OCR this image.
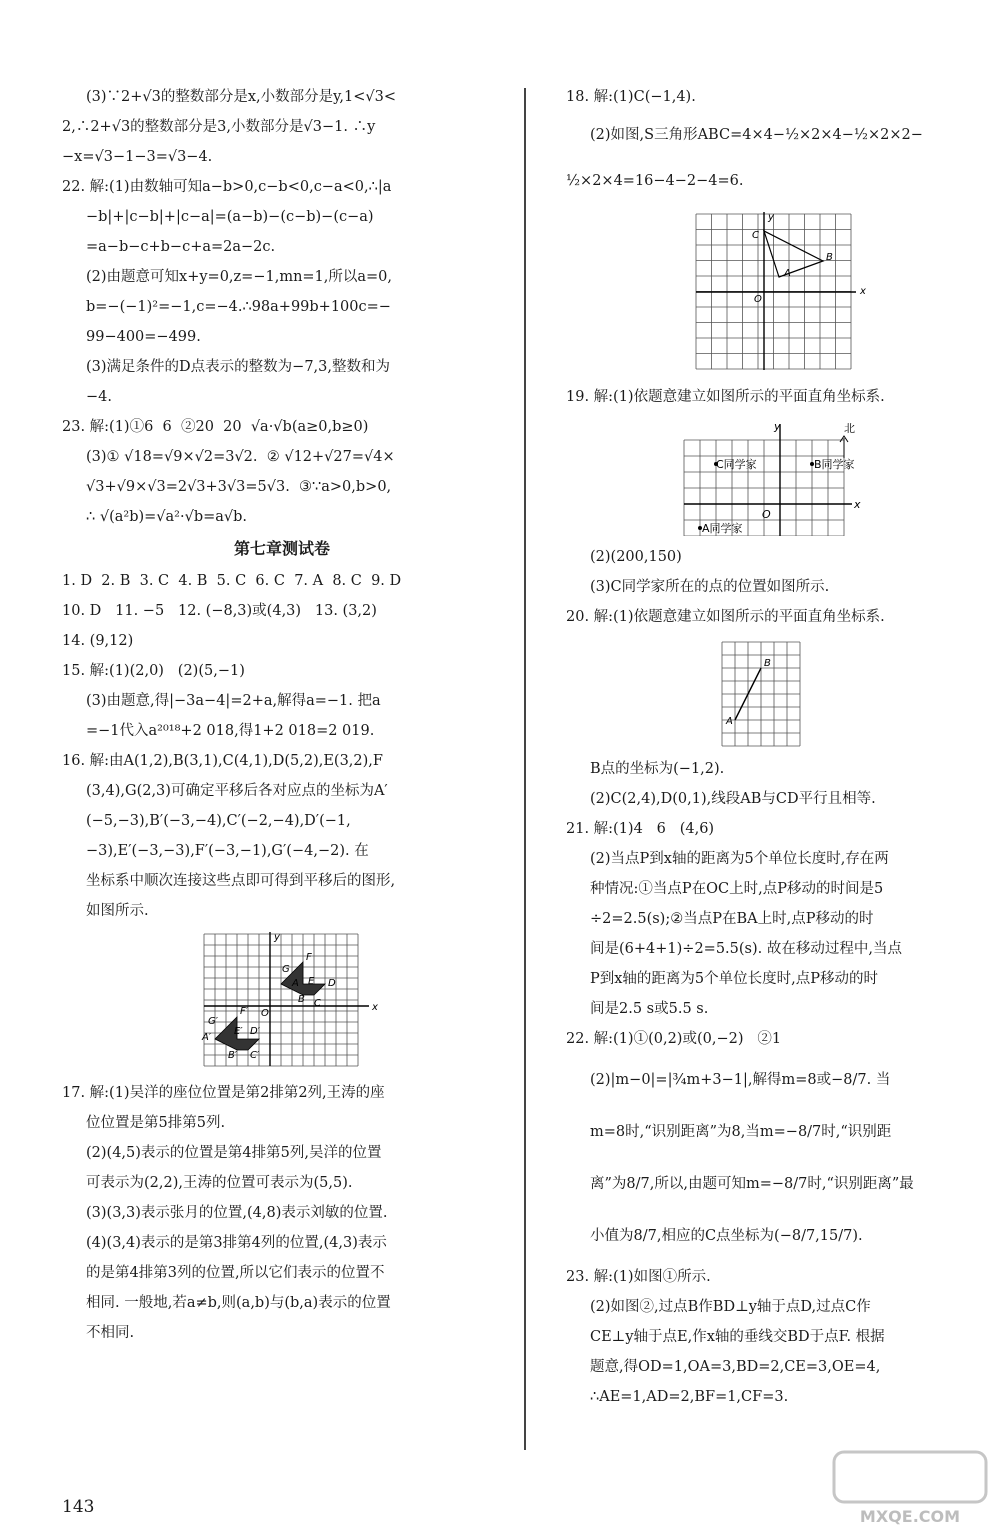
(3)∵2+√3的整数部分是x,小数部分是y,1<√3<
2,∴2+√3的整数部分是3,小数部分是√3−1. ∴y
−x=√3−1−3=√3−4.
22. 解:(1)由数轴可知a−b>0,c−b<0,c−a<0,∴|a
−b|+|c−b|+|c−a|=(a−b)−(c−b)−(c−a)
=a−b−c+b−c+a=2a−2c.
(2)由题意可知x+y=0,z=−1,mn=1,所以a=0,
b=−(−1)²=−1,c=−4.∴98a+99b+100c=−
99−400=−499.
(3)满足条件的D点表示的整数为−7,3,整数和为
−4.
23. 解:(1)①6  6  ②20  20  √a·√b(a≥0,b≥0)
(3)① √18=√9×√2=3√2.  ② √12+√27=√4×
√3+√9×√3=2√3+3√3=5√3.  ③∵a>0,b>0,
∴ √(a²b)=√a²·√b=a√b.
第七章测试卷
1. D  2. B  3. C  4. B  5. C  6. C  7. A  8. C  9. D
10. D   11. −5   12. (−8,3)或(4,3)   13. (3,2)
14. (9,12)
15. 解:(1)(2,0)   (2)(5,−1)
(3)由题意,得|−3a−4|=2+a,解得a=−1. 把a
=−1代入a²⁰¹⁸+2 018,得1+2 018=2 019.
16. 解:由A(1,2),B(3,1),C(4,1),D(5,2),E(3,2),F
(3,4),G(2,3)可确定平移后各对应点的坐标为A′
(−5,−3),B′(−3,−4),C′(−2,−4),D′(−1,
−3),E′(−3,−3),F′(−3,−1),G′(−4,−2). 在
坐标系中顺次连接这些点即可得到平移后的图形,
如图所示.
A
B C
D
E
F
G
A′
B′ C′
D′
E′
F′
G′
x
y
O
17. 解:(1)吴洋的座位位置是第2排第2列,王涛的座
位位置是第5排第5列.
(2)(4,5)表示的位置是第4排第5列,吴洋的位置
可表示为(2,2),王涛的位置可表示为(5,5).
(3)(3,3)表示张月的位置,(4,8)表示刘敏的位置.
(4)(3,4)表示的是第3排第4列的位置,(4,3)表示
的是第4排第3列的位置,所以它们表示的位置不
相同. 一般地,若a≠b,则(a,b)与(b,a)表示的位置
不相同.
18. 解:(1)C(−1,4).
(2)如图,S三角形ABC=4×4−½×2×4−½×2×2−
½×2×4=16−4−2−4=6.
A
B
C
x
y
O
19. 解:(1)依题意建立如图所示的平面直角坐标系.
C同学家	B同学家
A同学家
北
x
y
O
(2)(200,150)
(3)C同学家所在的点的位置如图所示.
20. 解:(1)依题意建立如图所示的平面直角坐标系.
A
B
B点的坐标为(−1,2).
(2)C(2,4),D(0,1),线段AB与CD平行且相等.
21. 解:(1)4   6   (4,6)
(2)当点P到x轴的距离为5个单位长度时,存在两
种情况:①当点P在OC上时,点P移动的时间是5
÷2=2.5(s);②当点P在BA上时,点P移动的时
间是(6+4+1)÷2=5.5(s). 故在移动过程中,当点
P到x轴的距离为5个单位长度时,点P移动的时
间是2.5 s或5.5 s.
22. 解:(1)①(0,2)或(0,−2)   ②1
(2)|m−0|=|¾m+3−1|,解得m=8或−8/7. 当
m=8时,“识别距离”为8,当m=−8/7时,“识别距
离”为8/7,所以,由题可知m=−8/7时,“识别距离”最
小值为8/7,相应的C点坐标为(−8/7,15/7).
23. 解:(1)如图①所示.
(2)如图②,过点B作BD⊥y轴于点D,过点C作
CE⊥y轴于点E,作x轴的垂线交BD于点F. 根据
题意,得OD=1,OA=3,BD=2,CE=3,OE=4,
∴AE=1,AD=2,BF=1,CF=3.
143	MXQE.COM
